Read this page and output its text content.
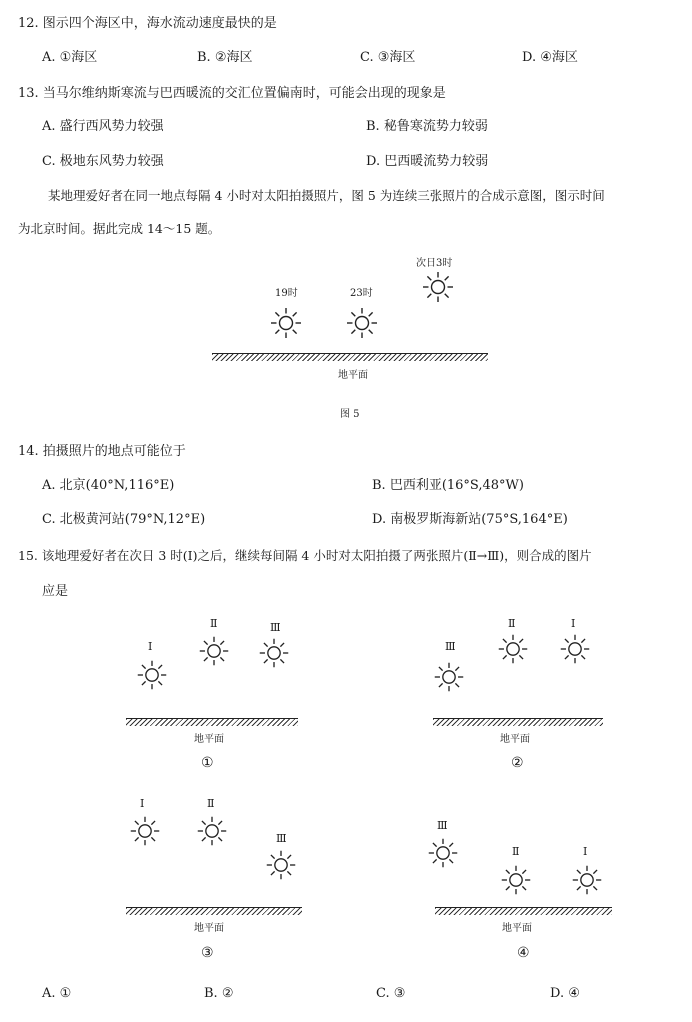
12. 图示四个海区中，海水流动速度最快的是
A. ①海区	B. ②海区	C. ③海区	D. ④海区
13. 当马尔维纳斯寒流与巴西暖流的交汇位置偏南时，可能会出现的现象是
A. 盛行西风势力较强	B. 秘鲁寒流势力较弱
C. 极地东风势力较强	D. 巴西暖流势力较弱
某地理爱好者在同一地点每隔 4 小时对太阳拍摄照片，图 5 为连续三张照片的合成示意图，图示时间
为北京时间。据此完成 14～15 题。
19时	23时
次日3时
地平面
图 5
14. 拍摄照片的地点可能位于
A. 北京(40°N,116°E)	B. 巴西利亚(16°S,48°W)
C. 北极黄河站(79°N,12°E)	D. 南极罗斯海新站(75°S,164°E)
15. 该地理爱好者在次日 3 时(Ⅰ)之后，继续每间隔 4 小时对太阳拍摄了两张照片(Ⅱ→Ⅲ)，则合成的图片
应是
Ⅰ
Ⅱ	Ⅲ
地平面
①
Ⅲ
Ⅱ	Ⅰ
地平面
②
Ⅰ	Ⅱ
Ⅲ
地平面
③
Ⅲ
Ⅱ	Ⅰ
地平面
④
A. ①	B. ②	C. ③	D. ④
